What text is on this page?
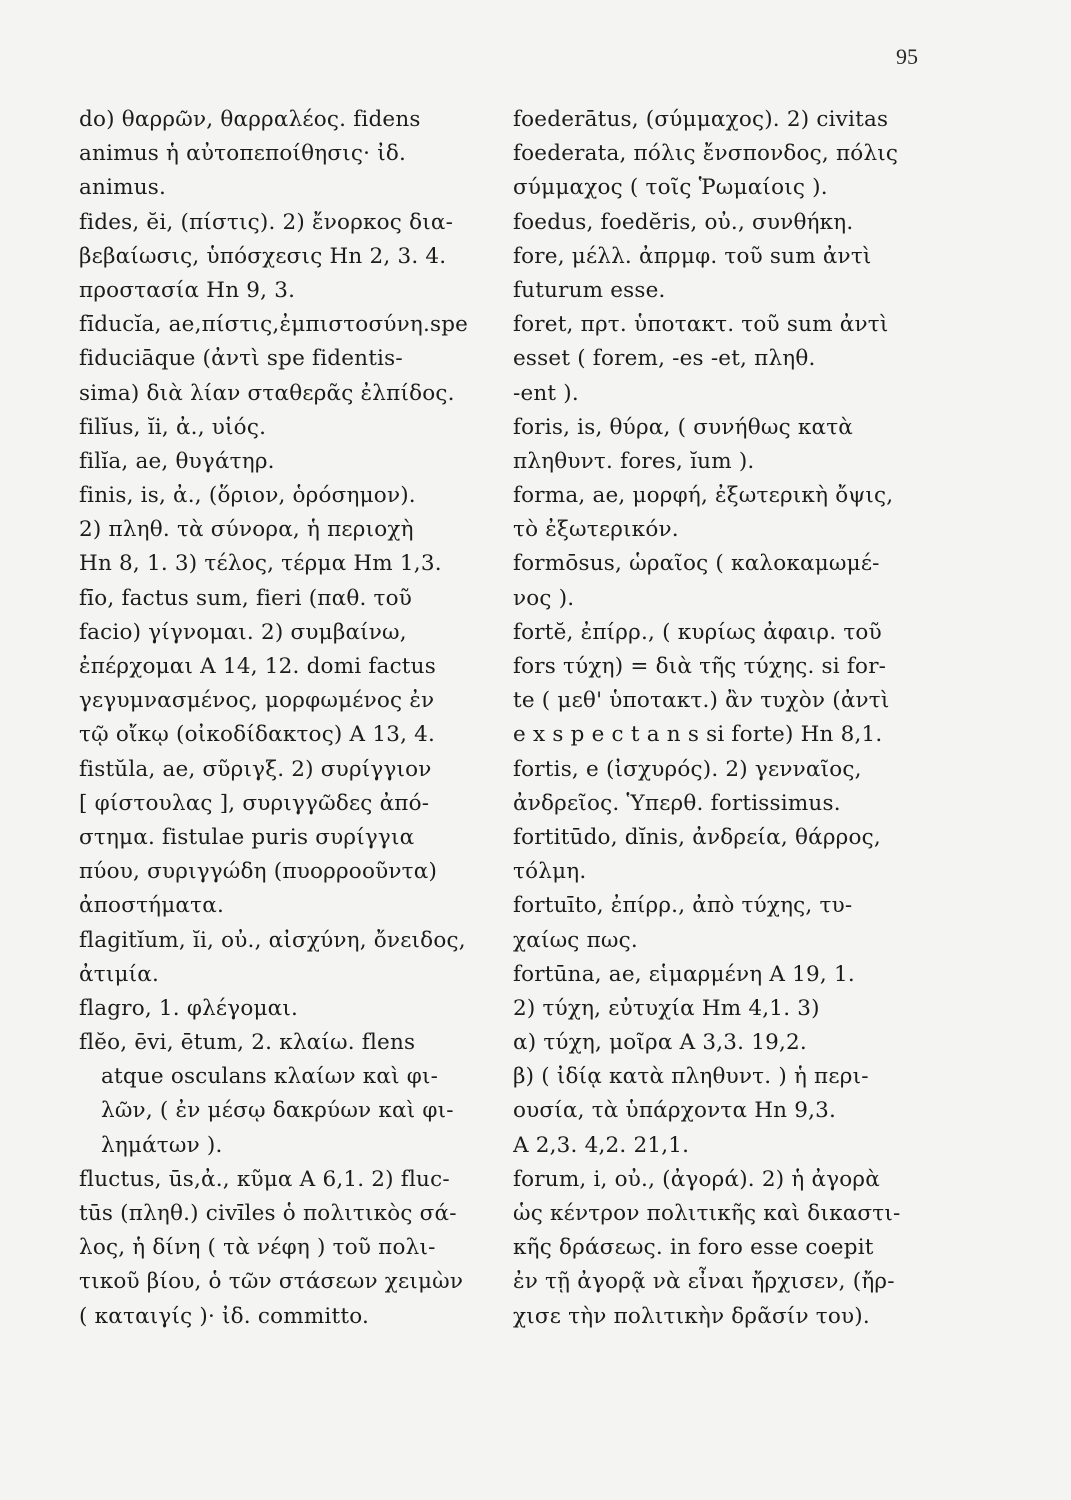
95
do) θαρρῶν, θαρραλέος. fidens
animus ἡ αὐτοπεποίθησις· ἰδ.
animus.
fides, ĕi, (πίστις). 2) ἔνορκος δια-
βεβαίωσις, ὑπόσχεσις Hn 2, 3. 4.
προστασία Hn 9, 3.
fīducĭa, ae,πίστις,ἐμπιστοσύνη.spe
fiduciāque (ἀντὶ spe fidentis-
sima) διὰ λίαν σταθερᾶς ἐλπίδος.
filĭus, ĭi, ἀ., υἱός.
filĭa, ae, θυγάτηρ.
finis, is, ἀ., (ὅριον, ὁρόσημον).
2) πληθ. τὰ σύνορα, ἡ περιοχὴ
Hn 8, 1. 3) τέλος, τέρμα Hm 1,3.
fīo, factus sum, fieri (παθ. τοῦ
facio) γίγνομαι. 2) συμβαίνω,
ἐπέρχομαι A 14, 12. domi factus
γεγυμνασμένος, μορφωμένος ἐν
τῷ οἴκῳ (οἰκοδίδακτος) A 13, 4.
fistŭla, ae, σῦριγξ. 2) συρίγγιον
[ φίστουλας ], συριγγῶδες ἀπό-
στημα. fistulae puris συρίγγια
πύου, συριγγώδη (πυορροοῦντα)
ἀποστήματα.
flagitĭum, ĭi, οὐ., αἰσχύνη, ὄνειδος,
ἀτιμία.
flagro, 1. φλέγομαι.
flĕo, ēvi, ētum, 2. κλαίω. flens
atque osculans κλαίων καὶ φι-
λῶν, ( ἐν μέσῳ δακρύων καὶ φι-
λημάτων ).
fluctus, ūs,ἀ., κῦμα A 6,1. 2) fluc-
tūs (πληθ.) civīles ὁ πολιτικὸς σά-
λος, ἡ δίνη ( τὰ νέφη ) τοῦ πολι-
τικοῦ βίου, ὁ τῶν στάσεων χειμὼν
( καταιγίς )· ἰδ. committo.
foederātus, (σύμμαχος). 2) civitas
foederata, πόλις ἔνσπονδος, πόλις
σύμμαχος ( τοῖς Ῥωμαίοις ).
foedus, foedĕris, οὐ., συνθήκη.
fore, μέλλ. ἀπρμφ. τοῦ sum ἀντὶ
futurum esse.
foret, πρτ. ὑποτακτ. τοῦ sum ἀντὶ
esset ( forem, -es -et, πληθ.
-ent ).
foris, is, θύρα, ( συνήθως κατὰ
πληθυντ. fores, ĭum ).
forma, ae, μορφή, ἐξωτερικὴ ὄψις,
τὸ ἐξωτερικόν.
formōsus, ὡραῖος ( καλοκαμωμέ-
νος ).
fortĕ, ἐπίρρ., ( κυρίως ἀφαιρ. τοῦ
fors τύχη) = διὰ τῆς τύχης. si for-
te ( μεθ' ὑποτακτ.) ἂν τυχὸν (ἀντὶ
e x s p e c t a n s si forte) Hn 8,1.
fortis, e (ἰσχυρός). 2) γενναῖος,
ἀνδρεῖος. Ὑπερθ. fortissimus.
fortitūdo, dĭnis, ἀνδρεία, θάρρος,
τόλμη.
fortuīto, ἐπίρρ., ἀπὸ τύχης, τυ-
χαίως πως.
fortūna, ae, εἱμαρμένη A 19, 1.
2) τύχη, εὐτυχία Hm 4,1. 3)
α) τύχη, μοῖρα A 3,3. 19,2.
β) ( ἰδίᾳ κατὰ πληθυντ. ) ἡ περι-
ουσία, τὰ ὑπάρχοντα Hn 9,3.
A 2,3. 4,2. 21,1.
forum, i, οὐ., (ἀγορά). 2) ἡ ἀγορὰ
ὡς κέντρον πολιτικῆς καὶ δικαστι-
κῆς δράσεως. in foro esse coepit
ἐν τῇ ἀγορᾷ νὰ εἶναι ἤρχισεν, (ἤρ-
χισε τὴν πολιτικὴν δρᾶσίν του).
